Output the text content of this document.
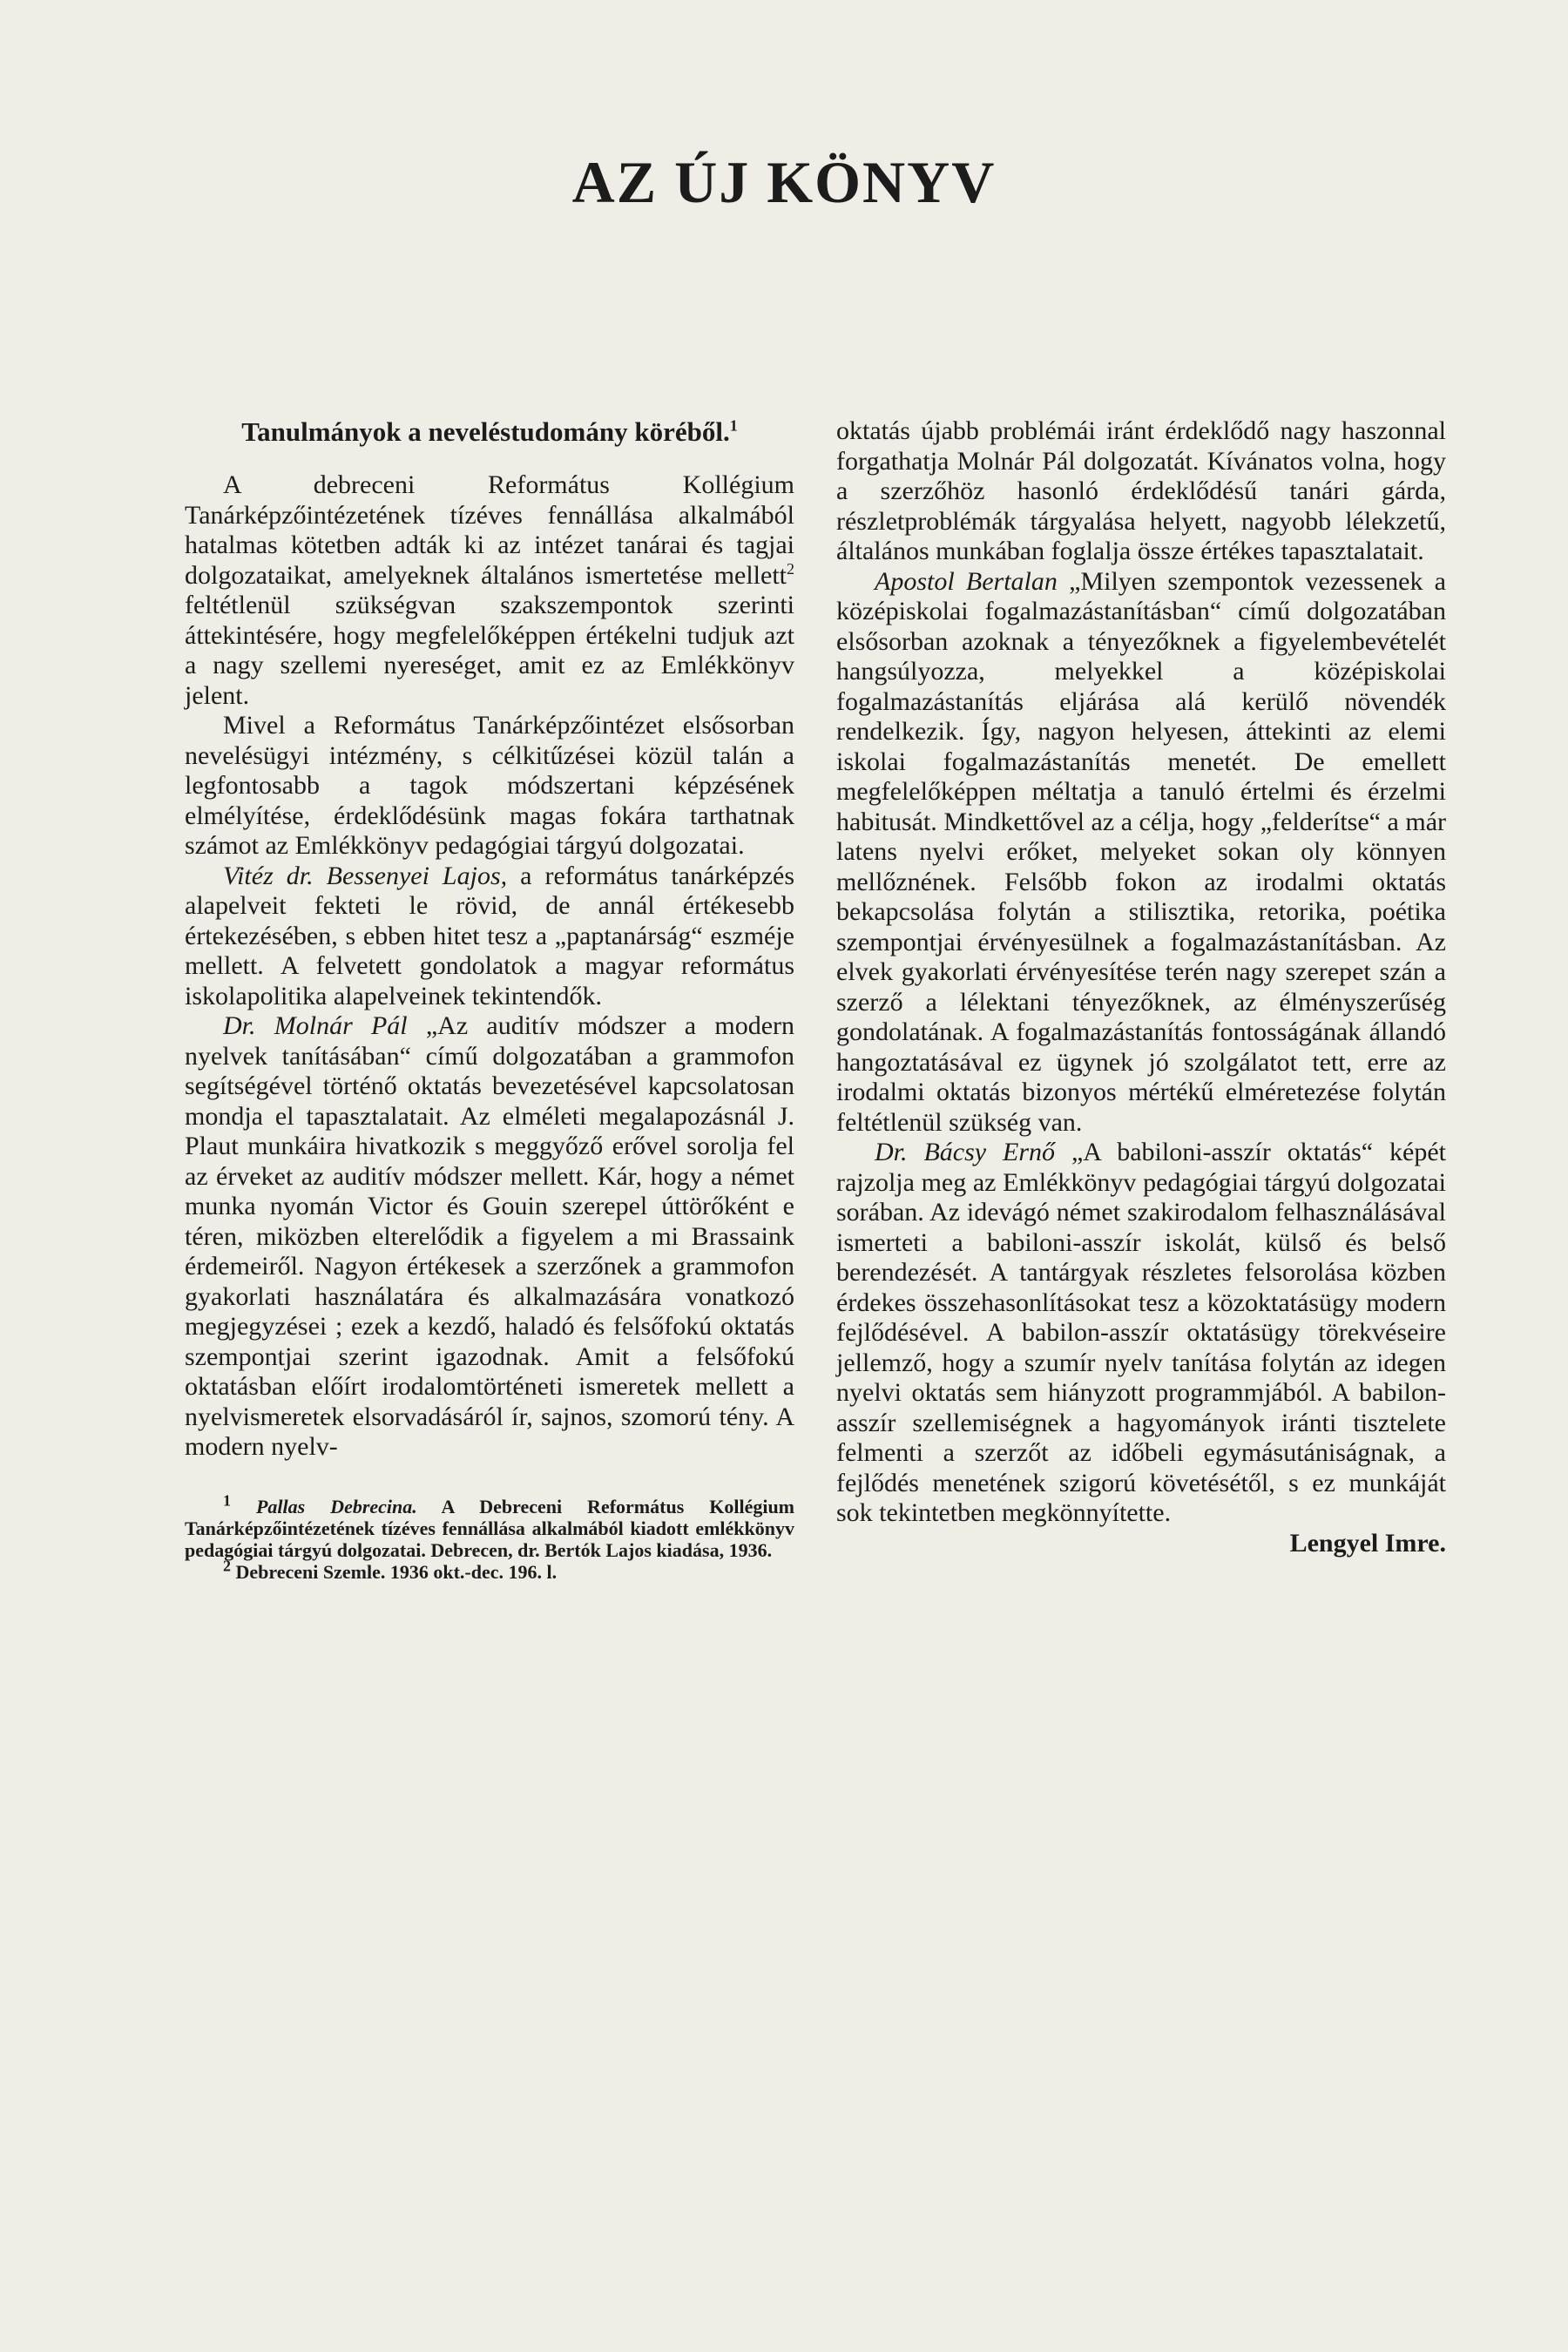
AZ ÚJ KÖNYV
Tanulmányok a neveléstudomány köréből.$^1$

A debreceni Református Kollégium Tanárképzőintézetének tízéves fennállása alkalmából hatalmas kötetben adták ki az intézet tanárai és tagjai dolgozataikat, amelyeknek általános ismertetése mellett$^2$ feltétlenül szükségvan szakszempontok szerinti áttekintésére, hogy megfelelőképpen értékelni tudjuk azt a nagy szellemi nyereséget, amit ez az Emlékkönyv jelent.

Mivel a Református Tanárképzőintézet elsősorban nevelésügyi intézmény, s célkitűzései közül talán a legfontosabb a tagok módszertani képzésének elmélyítése, érdeklődésünk magas fokára tarthatnak számot az Emlékkönyv pedagógiai tárgyú dolgozatai.

Vitéz dr. Bessenyei Lajos, a református tanárképzés alapelveit fekteti le rövid, de annál értékesebb értekezésében, s ebben hitet tesz a „paptanárság“ eszméje mellett. A felvetett gondolatok a magyar református iskolapolitika alapelveinek tekintendők.

Dr. Molnár Pál „Az auditív módszer a modern nyelvek tanításában“ című dolgozatában a grammofon segítségével történő oktatás bevezetésével kapcsolatosan mondja el tapasztalatait. Az elméleti megalapozásnál J. Plaut munkáira hivatkozik s meggyőző erővel sorolja fel az érveket az auditív módszer mellett. Kár, hogy a német munka nyomán Victor és Gouin szerepel úttörőként e téren, miközben elterelődik a figyelem a mi Brassaink érdemeiről. Nagyon értékesek a szerzőnek a grammofon gyakorlati használatára és alkalmazására vonatkozó megjegyzései ; ezek a kezdő, haladó és felsőfokú oktatás szempontjai szerint igazodnak. Amit a felsőfokú oktatásban előírt irodalomtörténeti ismeretek mellett a nyelvismeretek elsorvadásáról ír, sajnos, szomorú tény. A modern nyelv-

$^1$ Pallas Debrecina. A Debreceni Református Kollégium Tanárképzőintézetének tízéves fennállása alkalmából kiadott emlékkönyv pedagógiai tárgyú dolgozatai. Debrecen, dr. Bertók Lajos kiadása, 1936.

$^2$ Debreceni Szemle. 1936 okt.-dec. 196. l.

oktatás újabb problémái iránt érdeklődő nagy haszonnal forgathatja Molnár Pál dolgozatát. Kívánatos volna, hogy a szerzőhöz hasonló érdeklődésű tanári gárda, részletproblémák tárgyalása helyett, nagyobb lélekzetű, általános munkában foglalja össze értékes tapasztalatait.

Apostol Bertalan „Milyen szempontok vezessenek a középiskolai fogalmazástanításban“ című dolgozatában elsősorban azoknak a tényezőknek a figyelembevételét hangsúlyozza, melyekkel a középiskolai fogalmazástanítás eljárása alá kerülő növendék rendelkezik. Így, nagyon helyesen, áttekinti az elemi iskolai fogalmazástanítás menetét. De emellett megfelelőképpen méltatja a tanuló értelmi és érzelmi habitusát. Mindkettővel az a célja, hogy „felderítse“ a már latens nyelvi erőket, melyeket sokan oly könnyen mellőznének. Felsőbb fokon az irodalmi oktatás bekapcsolása folytán a stilisztika, retorika, poétika szempontjai érvényesülnek a fogalmazástanításban. Az elvek gyakorlati érvényesítése terén nagy szerepet szán a szerző a lélektani tényezőknek, az élményszerűség gondolatának. A fogalmazástanítás fontosságának állandó hangoztatásával ez ügynek jó szolgálatot tett, erre az irodalmi oktatás bizonyos mértékű elméretezése folytán feltétlenül szükség van.

Dr. Bácsy Ernő „A babiloni-asszír oktatás“ képét rajzolja meg az Emlékkönyv pedagógiai tárgyú dolgozatai sorában. Az idevágó német szakirodalom felhasználásával ismerteti a babiloni-asszír iskolát, külső és belső berendezését. A tantárgyak részletes felsorolása közben érdekes összehasonlításokat tesz a közoktatásügy modern fejlődésével. A babilon-asszír oktatásügy törekvéseire jellemző, hogy a szumír nyelv tanítása folytán az idegen nyelvi oktatás sem hiányzott programmjából. A babilon-asszír szellemiségnek a hagyományok iránti tisztelete felmenti a szerzőt az időbeli egymásutániságnak, a fejlődés menetének szigorú követésétől, s ez munkáját sok tekintetben megkönnyítette.

Lengyel Imre.
